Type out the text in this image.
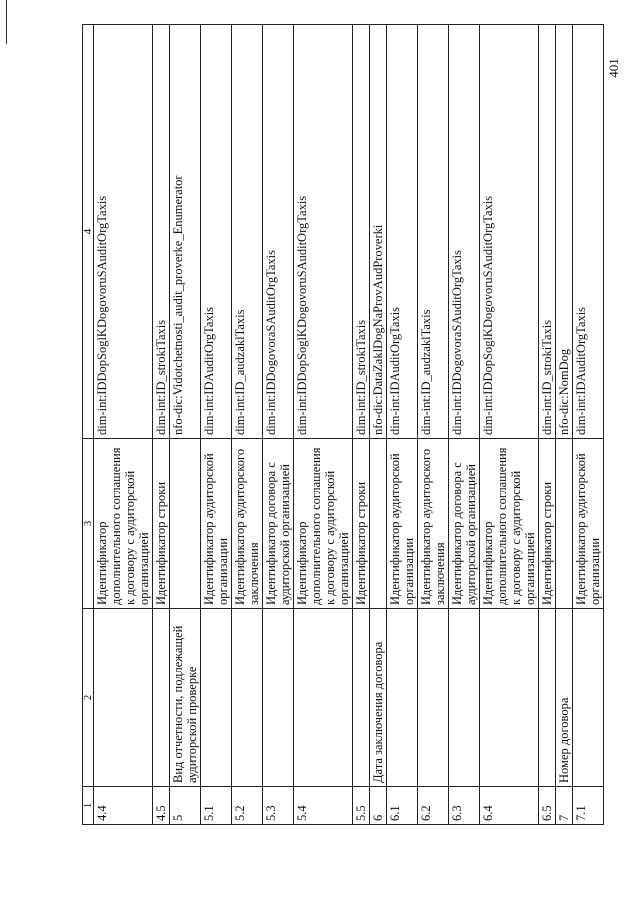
401
1	2	3	4
4.4		Идентификатор дополнительного соглашения к договору с аудиторской организацией	dim-int:IDDopSoglKDogovoruSAuditOrgTaxis
4.5		Идентификатор строки	dim-int:ID_strokiTaxis
5	Вид отчетности, подлежащей аудиторской проверке		nfo-dic:Vidotchetnosti_audit_proverke_Enumerator
5.1		Идентификатор аудиторской организации	dim-int:IDAuditOrgTaxis
5.2		Идентификатор аудиторского заключения	dim-int:ID_audzaklTaxis
5.3		Идентификатор договора с аудиторской организацией	dim-int:IDDogovoraSAuditOrgTaxis
5.4		Идентификатор дополнительного соглашения к договору с аудиторской организацией	dim-int:IDDopSoglKDogovoruSAuditOrgTaxis
5.5		Идентификатор строки	dim-int:ID_strokiTaxis
6	Дата заключения договора		nfo-dic:DataZaklDogNaProvAudProverki
6.1		Идентификатор аудиторской организации	dim-int:IDAuditOrgTaxis
6.2		Идентификатор аудиторского заключения	dim-int:ID_audzaklTaxis
6.3		Идентификатор договора с аудиторской организацией	dim-int:IDDogovoraSAuditOrgTaxis
6.4		Идентификатор дополнительного соглашения к договору с аудиторской организацией	dim-int:IDDopSoglKDogovoruSAuditOrgTaxis
6.5		Идентификатор строки	dim-int:ID_strokiTaxis
7	Номер договора		nfo-dic:NomDog
7.1		Идентификатор аудиторской организации	dim-int:IDAuditOrgTaxis
